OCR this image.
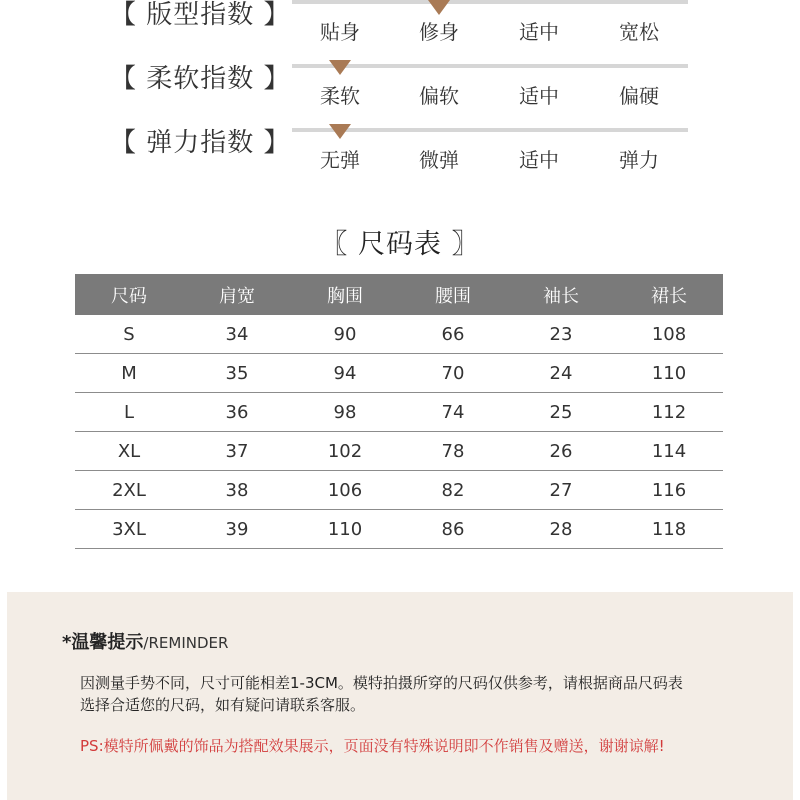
【 版型指数 】
贴身	修身	适中	宽松
【 柔软指数 】
柔软	偏软	适中	偏硬
【 弹力指数 】
无弹	微弹	适中	弹力
〖 尺码表 〗
尺码	肩宽	胸围	腰围	袖长	裙长
S	34	90	66	23	108
M	35	94	70	24	110
L	36	98	74	25	112
XL	37	102	78	26	114
2XL	38	106	82	27	116
3XL	39	110	86	28	118
*温馨提示/REMINDER
因测量手势不同，尺寸可能相差1-3CM。模特拍摄所穿的尺码仅供参考，请根据商品尺码表
选择合适您的尺码，如有疑问请联系客服。
PS:模特所佩戴的饰品为搭配效果展示，页面没有特殊说明即不作销售及赠送，谢谢谅解!
